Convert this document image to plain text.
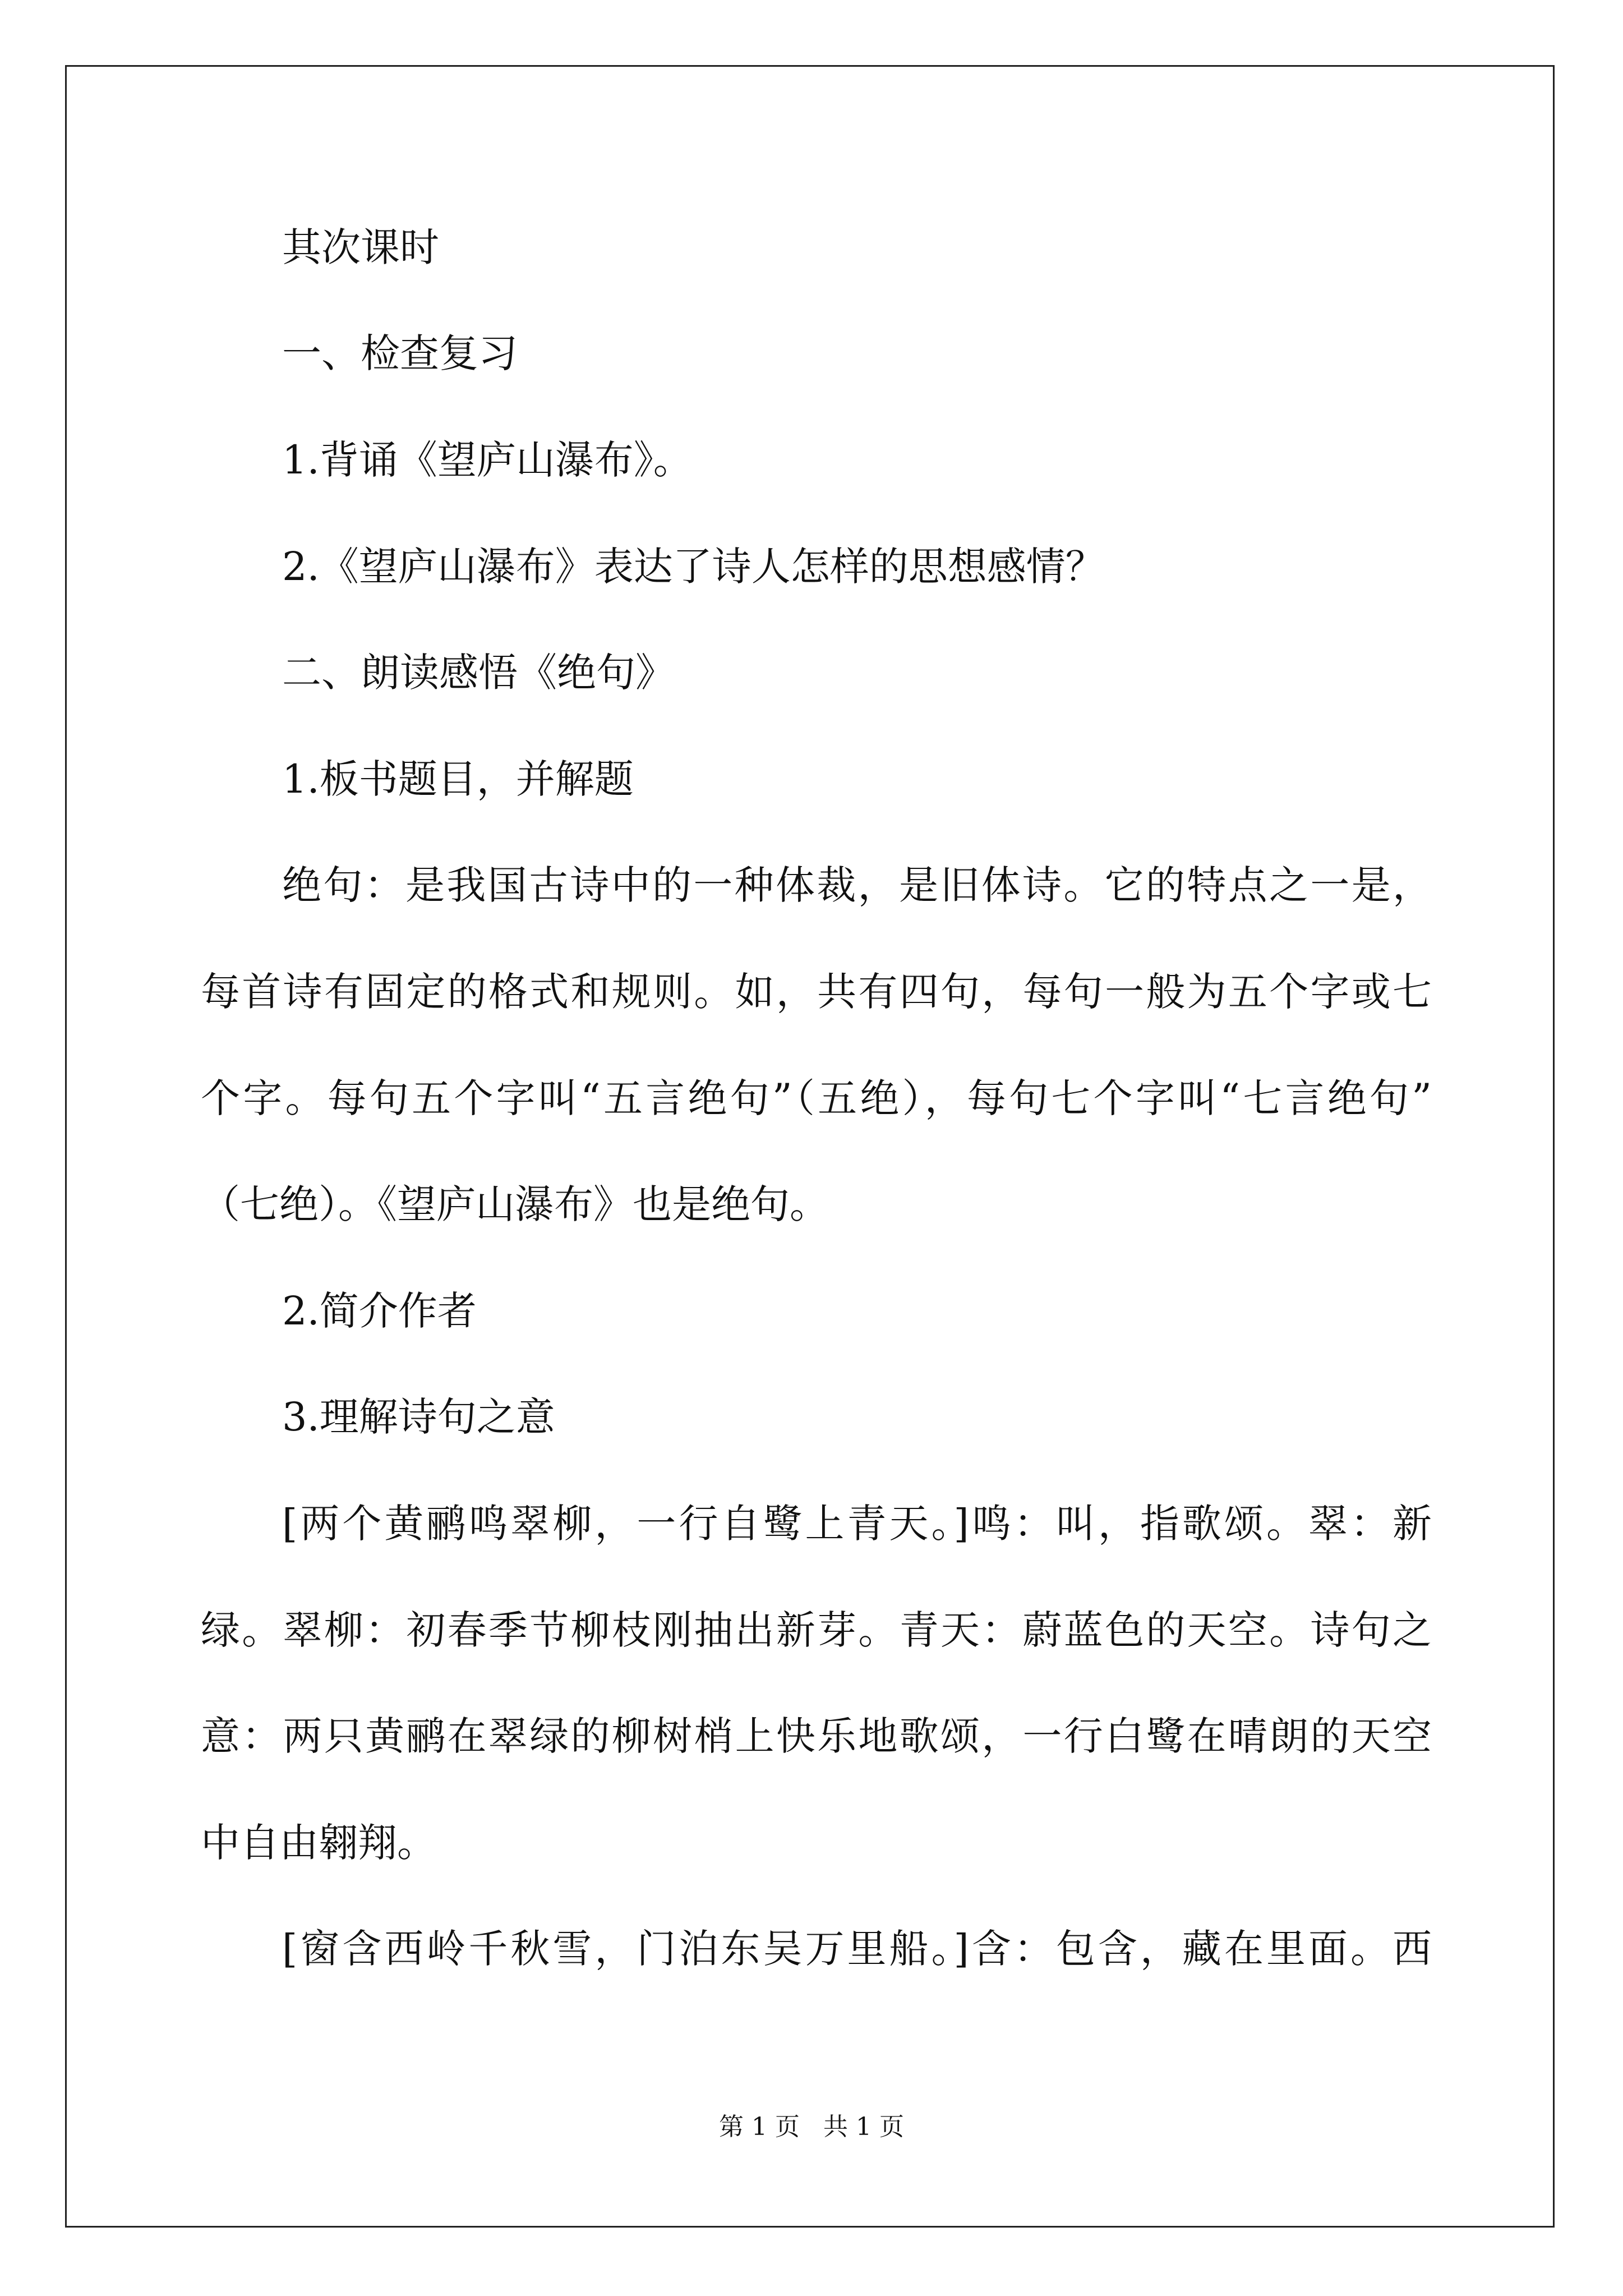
其次课时

一、检查复习

1.背诵《望庐山瀑布》。

2.《望庐山瀑布》表达了诗人怎样的思想感情？

二、朗读感悟《绝句》

1.板书题目，并解题

绝句：是我国古诗中的一种体裁，是旧体诗。它的特点之一是，

每首诗有固定的格式和规则。如，共有四句，每句一般为五个字或七

个字。每句五个字叫“五言绝句”（五绝），每句七个字叫“七言绝句”

（七绝）。《望庐山瀑布》也是绝句。

2.简介作者

3.理解诗句之意

[两个黄鹂鸣翠柳，一行自鹭上青天。]鸣：叫，指歌颂。翠：新

绿。翠柳：初春季节柳枝刚抽出新芽。青天：蔚蓝色的天空。诗句之

意：两只黄鹂在翠绿的柳树梢上快乐地歌颂，一行白鹭在晴朗的天空

中自由翱翔。

[窗含西岭千秋雪，门泊东吴万里船。]含：包含，藏在里面。西

第 1 页   共 1 页
